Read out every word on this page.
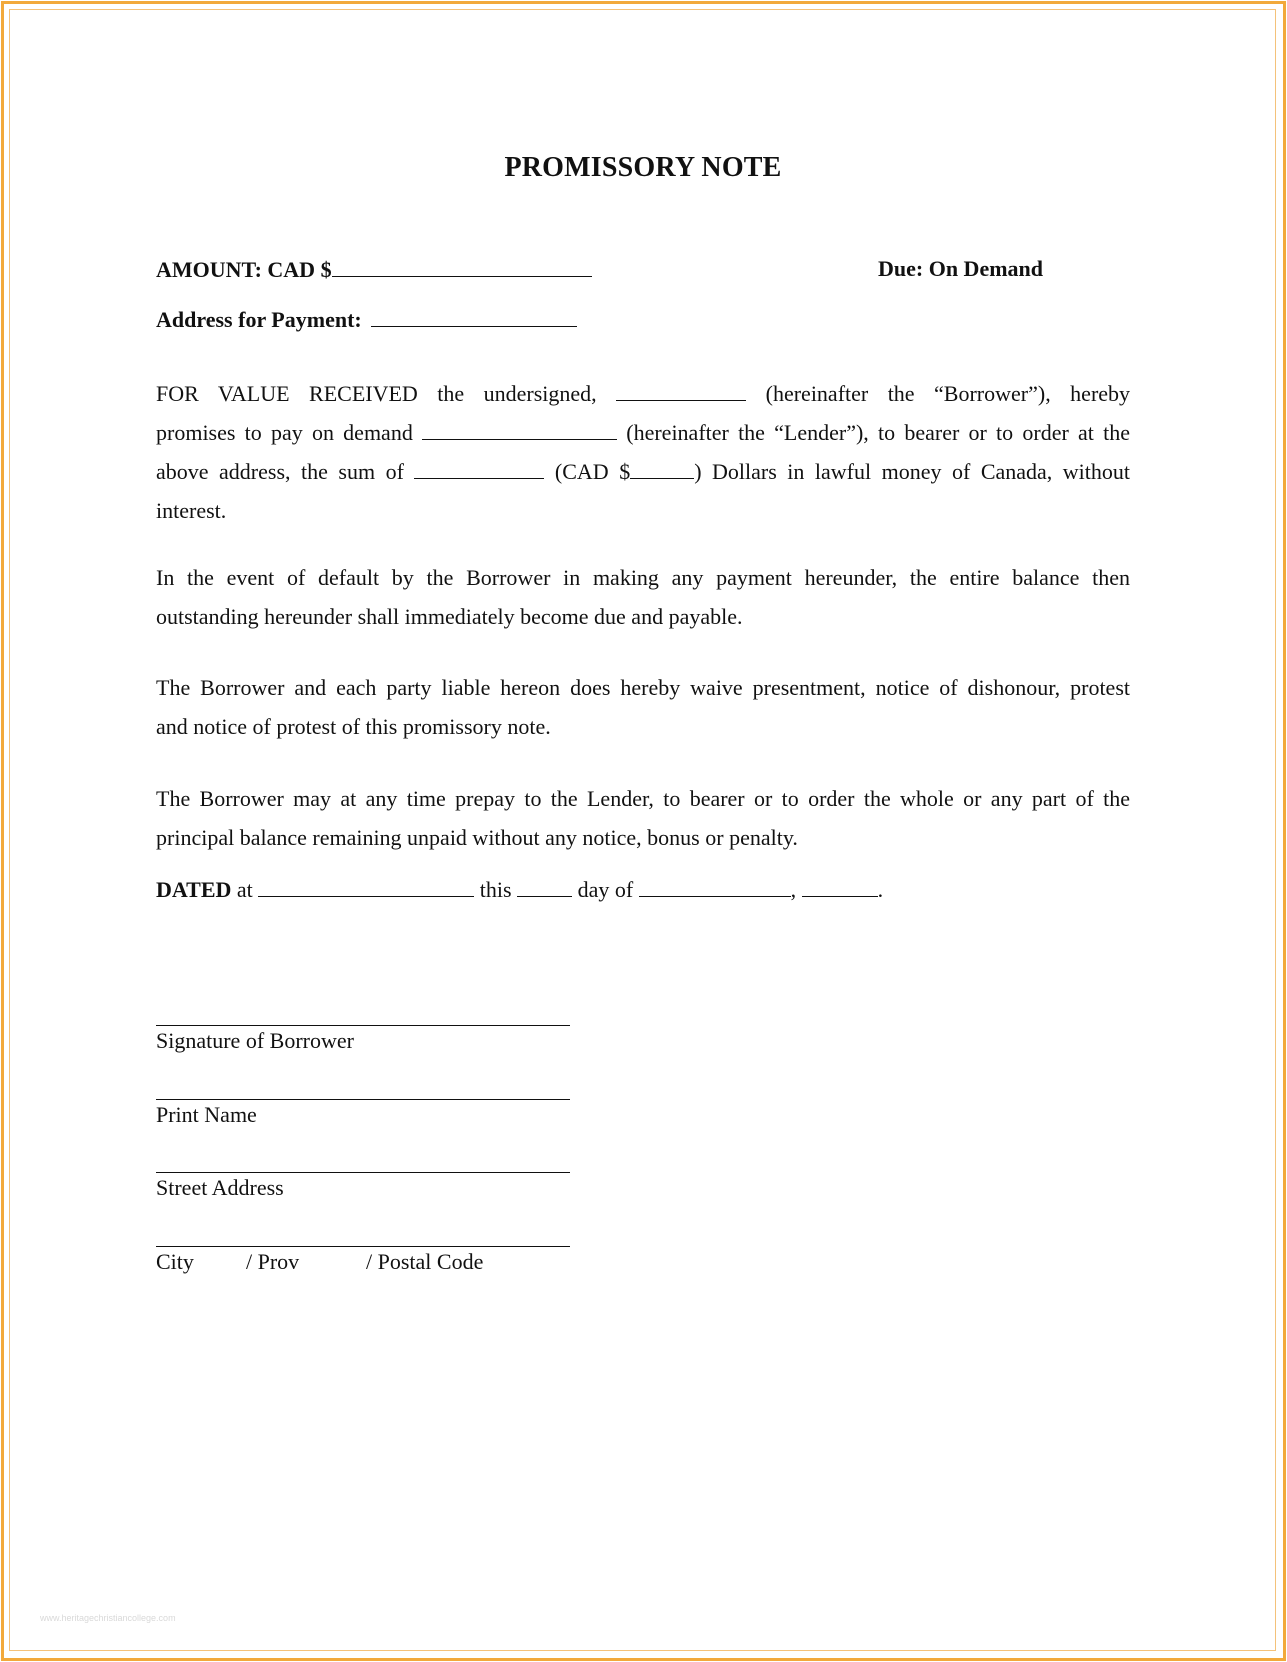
PROMISSORY NOTE
AMOUNT: CAD $	Due: On Demand
Address for Payment:
FOR VALUE RECEIVED the undersigned,	(hereinafter the “Borrower”), hereby
promises to pay on demand	(hereinafter the “Lender”), to bearer or to order at the
above address, the sum of	(CAD $	) Dollars in lawful money of Canada, without
interest.
In the event of default by the Borrower in making any payment hereunder, the entire balance then
outstanding hereunder shall immediately become due and payable.
The Borrower and each party liable hereon does hereby waive presentment, notice of dishonour, protest
and notice of protest of this promissory note.
The Borrower may at any time prepay to the Lender, to bearer or to order the whole or any part of the
principal balance remaining unpaid without any notice, bonus or penalty.
DATED at	this	day of	,	.
Signature of Borrower
Print Name
Street Address
City / Prov	/ Postal Code
www.heritagechristiancollege.com
